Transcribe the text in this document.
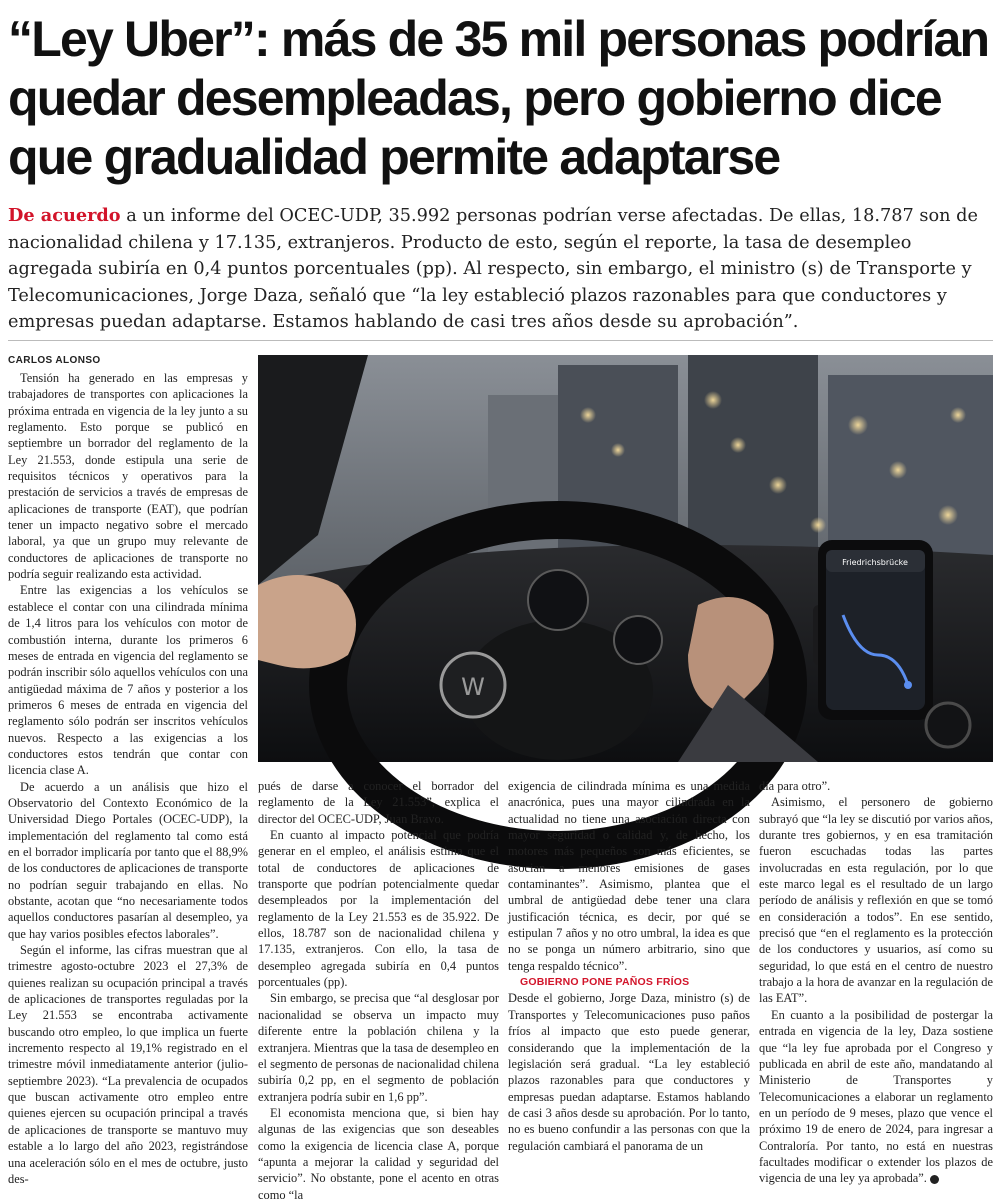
“Ley Uber”: más de 35 mil personas podrían quedar desempleadas, pero gobierno dice que gradualidad permite adaptarse

De acuerdo a un informe del OCEC-UDP, 35.992 personas podrían verse afectadas. De ellas, 18.787 son de nacionalidad chilena y 17.135, extranjeros. Producto de esto, según el reporte, la tasa de desempleo agregada subiría en 0,4 puntos porcentuales (pp). Al respecto, sin embargo, el ministro (s) de Transporte y Telecomunicaciones, Jorge Daza, señaló que “la ley estableció plazos razonables para que conductores y empresas puedan adaptarse. Estamos hablando de casi tres años desde su aprobación”.

CARLOS ALONSO

Tensión ha generado en las empresas y trabajadores de transportes con aplicaciones la próxima entrada en vigencia de la ley junto a su reglamento. Esto porque se publicó en septiembre un borrador del reglamento de la Ley 21.553, donde estipula una serie de requisitos técnicos y operativos para la prestación de servicios a través de empresas de aplicaciones de transporte (EAT), que podrían tener un impacto negativo sobre el mercado laboral, ya que un grupo muy relevante de conductores de aplicaciones de transporte no podría seguir realizando esta actividad.

Entre las exigencias a los vehículos se establece el contar con una cilindrada mínima de 1,4 litros para los vehículos con motor de combustión interna, durante los primeros 6 meses de entrada en vigencia del reglamento se podrán inscribir sólo aquellos vehículos con una antigüedad máxima de 7 años y posterior a los primeros 6 meses de entrada en vigencia del reglamento sólo podrán ser inscritos vehículos nuevos. Respecto a las exigencias a los conductores estos tendrán que contar con licencia clase A.

De acuerdo a un análisis que hizo el Observatorio del Contexto Económico de la Universidad Diego Portales (OCEC-UDP), la implementación del reglamento tal como está en el borrador implicaría por tanto que el 88,9% de los conductores de aplicaciones de transporte no podrían seguir trabajando en ellas. No obstante, acotan que “no necesariamente todos aquellos conductores pasarían al desempleo, ya que hay varios posibles efectos laborales”.

Según el informe, las cifras muestran que al trimestre agosto-octubre 2023 el 27,3% de quienes realizan su ocupación principal a través de aplicaciones de transportes reguladas por la Ley 21.553 se encontraba activamente buscando otro empleo, lo que implica un fuerte incremento respecto al 19,1% registrado en el trimestre móvil inmediatamente anterior (julio-septiembre 2023). “La prevalencia de ocupados que buscan activamente otro empleo entre quienes ejercen su ocupación principal a través de aplicaciones de transporte se mantuvo muy estable a lo largo del año 2023, registrándose una aceleración sólo en el mes de octubre, justo des-

W
Friedrichsbrücke

pués de darse a conocer el borrador del reglamento de la Ley 21.553”, explica el director del OCEC-UDP, Juan Bravo.

En cuanto al impacto potencial que podría generar en el empleo, el análisis estima que el total de conductores de aplicaciones de transporte que podrían potencialmente quedar desempleados por la implementación del reglamento de la Ley 21.553 es de 35.922. De ellos, 18.787 son de nacionalidad chilena y 17.135, extranjeros. Con ello, la tasa de desempleo agregada subiría en 0,4 puntos porcentuales (pp).

Sin embargo, se precisa que “al desglosar por nacionalidad se observa un impacto muy diferente entre la población chilena y la extranjera. Mientras que la tasa de desempleo en el segmento de personas de nacionalidad chilena subiría 0,2 pp, en el segmento de población extranjera podría subir en 1,6 pp”.

El economista menciona que, si bien hay algunas de las exigencias que son deseables como la exigencia de licencia clase A, porque “apunta a mejorar la calidad y seguridad del servicio”. No obstante, pone el acento en otras como “la

exigencia de cilindrada mínima es una medida anacrónica, pues una mayor cilindrada en la actualidad no tiene una asociación directa con mayor seguridad o calidad y, de hecho, los motores más pequeños son más eficientes, se asocian a menores emisiones de gases contaminantes”. Asimismo, plantea que el umbral de antigüedad debe tener una clara justificación técnica, es decir, por qué se estipulan 7 años y no otro umbral, la idea es que no se ponga un número arbitrario, sino que tenga respaldo técnico”.

GOBIERNO PONE PAÑOS FRÍOS

Desde el gobierno, Jorge Daza, ministro (s) de Transportes y Telecomunicaciones puso paños fríos al impacto que esto puede generar, considerando que la implementación de la legislación será gradual. “La ley estableció plazos razonables para que conductores y empresas puedan adaptarse. Estamos hablando de casi 3 años desde su aprobación. Por lo tanto, no es bueno confundir a las personas con que la regulación cambiará el panorama de un

día para otro”.

Asimismo, el personero de gobierno subrayó que “la ley se discutió por varios años, durante tres gobiernos, y en esa tramitación fueron escuchadas todas las partes involucradas en esta regulación, por lo que este marco legal es el resultado de un largo período de análisis y reflexión en que se tomó en consideración a todos”. En ese sentido, precisó que “en el reglamento es la protección de los conductores y usuarios, así como su seguridad, lo que está en el centro de nuestro trabajo a la hora de avanzar en la regulación de las EAT”.

En cuanto a la posibilidad de postergar la entrada en vigencia de la ley, Daza sostiene que “la ley fue aprobada por el Congreso y publicada en abril de este año, mandatando al Ministerio de Transportes y Telecomunicaciones a elaborar un reglamento en un período de 9 meses, plazo que vence el próximo 19 de enero de 2024, para ingresar a Contraloría. Por tanto, no está en nuestras facultades modificar o extender los plazos de vigencia de una ley ya aprobada”.
